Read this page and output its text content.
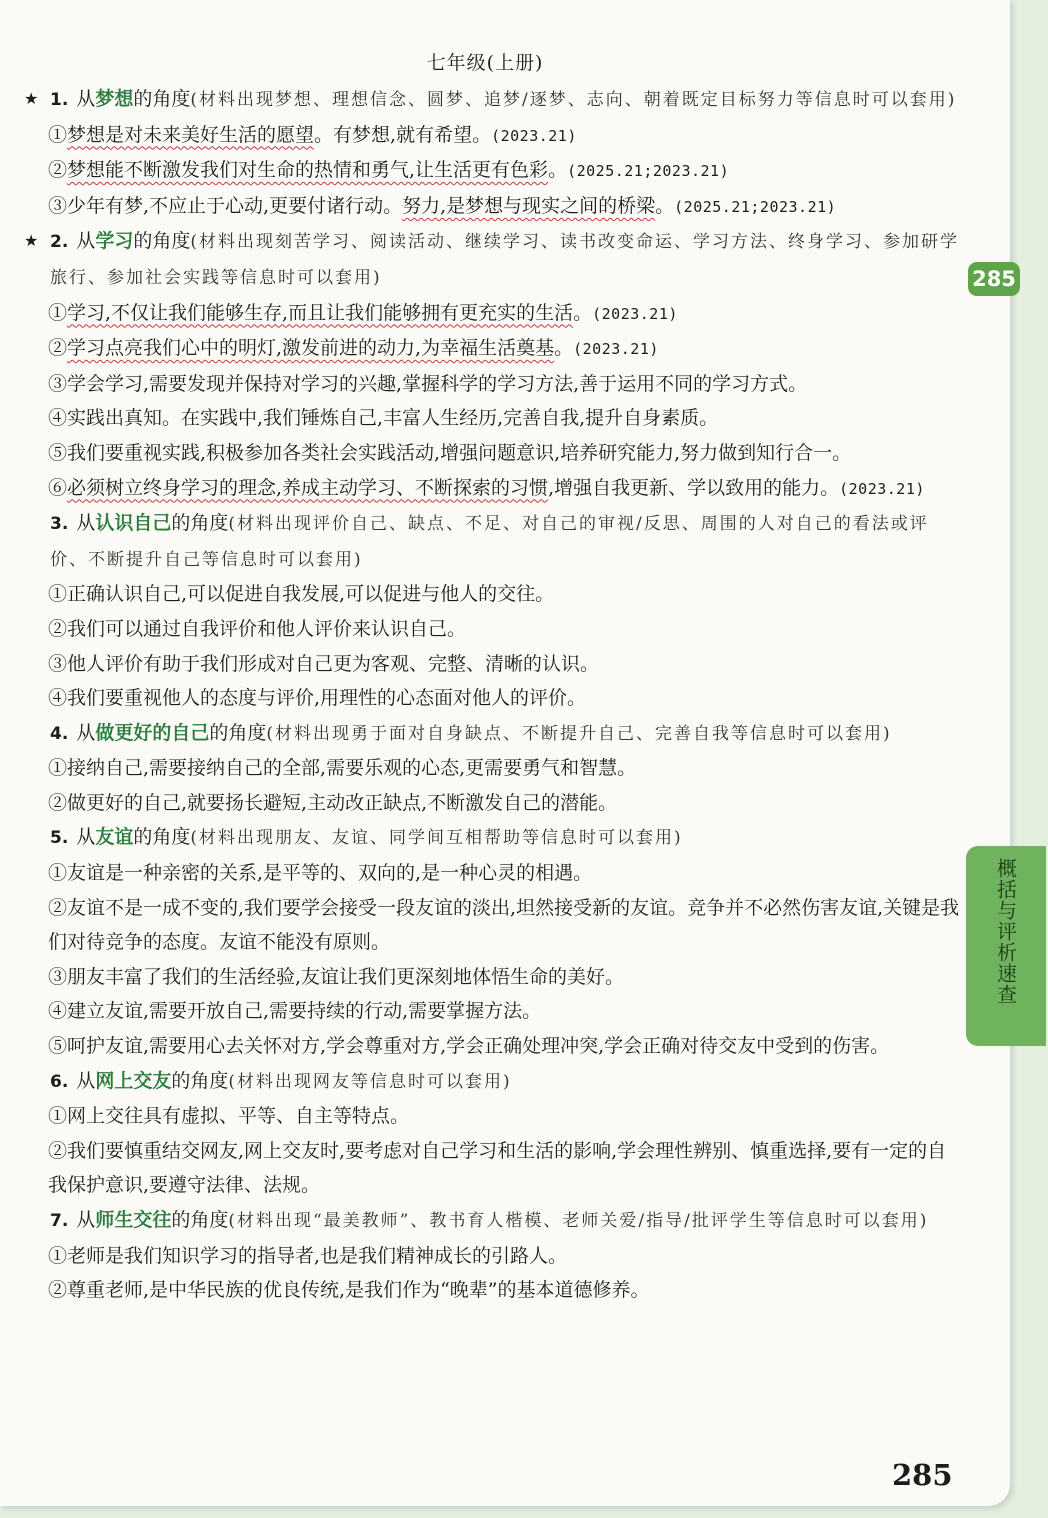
七年级(上册)
★ 1. 从梦想的角度(材料出现梦想、理想信念、圆梦、追梦/逐梦、志向、朝着既定目标努力等信息时可以套用)

①梦想是对未来美好生活的愿望。有梦想,就有希望。(2023.21)

②梦想能不断激发我们对生命的热情和勇气,让生活更有色彩。(2025.21;2023.21)

③少年有梦,不应止于心动,更要付诸行动。努力,是梦想与现实之间的桥梁。(2025.21;2023.21)

★ 2. 从学习的角度(材料出现刻苦学习、阅读活动、继续学习、读书改变命运、学习方法、终身学习、参加研学旅行、参加社会实践等信息时可以套用)

①学习,不仅让我们能够生存,而且让我们能够拥有更充实的生活。(2023.21)

②学习点亮我们心中的明灯,激发前进的动力,为幸福生活奠基。(2023.21)

③学会学习,需要发现并保持对学习的兴趣,掌握科学的学习方法,善于运用不同的学习方式。

④实践出真知。在实践中,我们锤炼自己,丰富人生经历,完善自我,提升自身素质。

⑤我们要重视实践,积极参加各类社会实践活动,增强问题意识,培养研究能力,努力做到知行合一。

⑥必须树立终身学习的理念,养成主动学习、不断探索的习惯,增强自我更新、学以致用的能力。(2023.21)

3. 从认识自己的角度(材料出现评价自己、缺点、不足、对自己的审视/反思、周围的人对自己的看法或评价、不断提升自己等信息时可以套用)

①正确认识自己,可以促进自我发展,可以促进与他人的交往。

②我们可以通过自我评价和他人评价来认识自己。

③他人评价有助于我们形成对自己更为客观、完整、清晰的认识。

④我们要重视他人的态度与评价,用理性的心态面对他人的评价。

4. 从做更好的自己的角度(材料出现勇于面对自身缺点、不断提升自己、完善自我等信息时可以套用)

①接纳自己,需要接纳自己的全部,需要乐观的心态,更需要勇气和智慧。

②做更好的自己,就要扬长避短,主动改正缺点,不断激发自己的潜能。

5. 从友谊的角度(材料出现朋友、友谊、同学间互相帮助等信息时可以套用)

①友谊是一种亲密的关系,是平等的、双向的,是一种心灵的相遇。

②友谊不是一成不变的,我们要学会接受一段友谊的淡出,坦然接受新的友谊。竞争并不必然伤害友谊,关键是我们对待竞争的态度。友谊不能没有原则。

③朋友丰富了我们的生活经验,友谊让我们更深刻地体悟生命的美好。

④建立友谊,需要开放自己,需要持续的行动,需要掌握方法。

⑤呵护友谊,需要用心去关怀对方,学会尊重对方,学会正确处理冲突,学会正确对待交友中受到的伤害。

6. 从网上交友的角度(材料出现网友等信息时可以套用)

①网上交往具有虚拟、平等、自主等特点。

②我们要慎重结交网友,网上交友时,要考虑对自己学习和生活的影响,学会理性辨别、慎重选择,要有一定的自我保护意识,要遵守法律、法规。

7. 从师生交往的角度(材料出现“最美教师”、教书育人楷模、老师关爱/指导/批评学生等信息时可以套用)

①老师是我们知识学习的指导者,也是我们精神成长的引路人。

②尊重老师,是中华民族的优良传统,是我们作为“晚辈”的基本道德修养。

285
285
概括与评析速查
